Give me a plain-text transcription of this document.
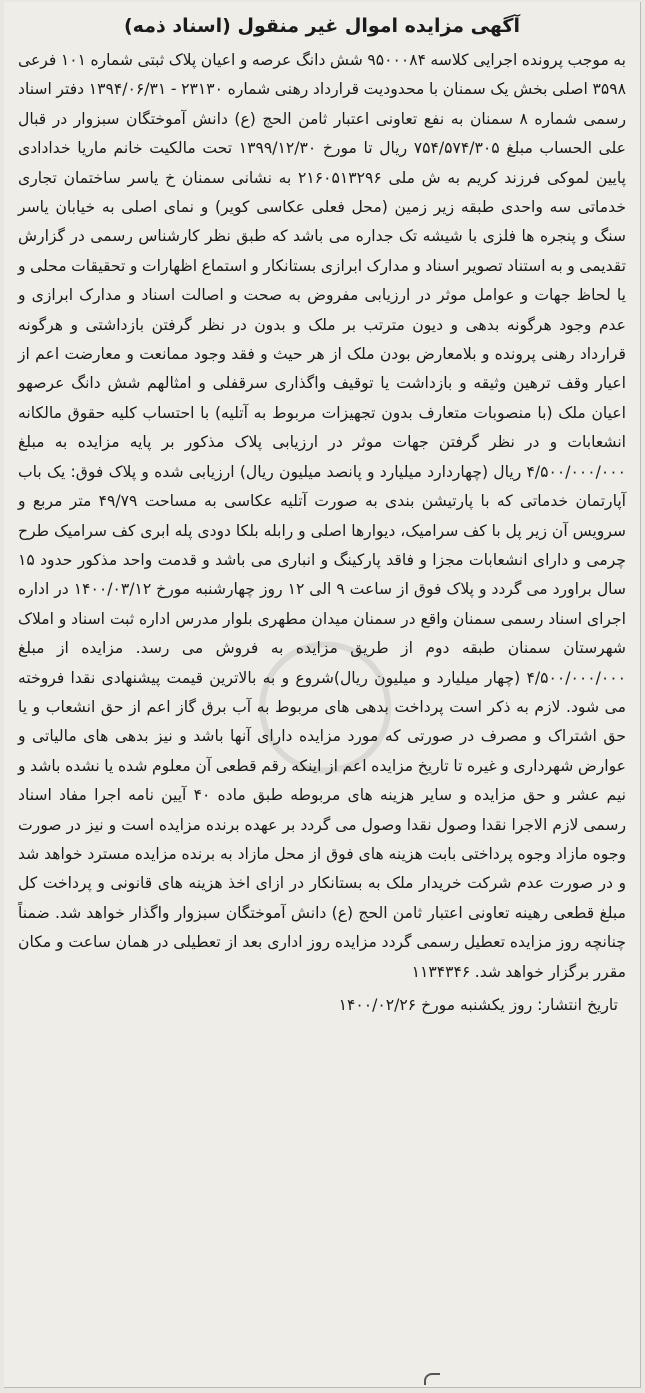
آگهی مزایده اموال غیر منقول (اسناد ذمه)

به موجب پرونده اجرایی کلاسه ۹۵۰۰۰۸۴ شش دانگ عرصه و اعیان پلاک ثبتی شماره ۱۰۱ فرعی ۳۵۹۸ اصلی بخش یک سمنان با محدودیت قرارداد رهنی شماره ۲۳۱۳۰ - ۱۳۹۴/۰۶/۳۱ دفتر اسناد رسمی شماره ۸ سمنان به نفع تعاونی اعتبار ثامن الحج (ع) دانش آموختگان سبزوار در قبال علی الحساب مبلغ ۷۵۴/۵۷۴/۳۰۵ ریال تا مورخ ۱۳۹۹/۱۲/۳۰ تحت مالکیت خانم ماریا خدادادی پایین لموکی فرزند کریم به ش ملی ۲۱۶۰۵۱۳۲۹۶ به نشانی سمنان خ یاسر ساختمان تجاری خدماتی سه واحدی طبقه زیر زمین (محل فعلی عکاسی کویر) و نمای اصلی به خیابان یاسر سنگ و پنجره ها فلزی با شیشه تک جداره می باشد که طبق نظر کارشناس رسمی در گزارش تقدیمی و به استناد تصویر اسناد و مدارک ابرازی بستانکار و استماع اظهارات و تحقیقات محلی و یا لحاظ جهات و عوامل موثر در ارزیابی مفروض به صحت و اصالت اسناد و مدارک ابرازی و عدم وجود هرگونه بدهی و دیون مترتب بر ملک و بدون در نظر گرفتن بازداشتی و هرگونه قرارداد رهنی پرونده و بلامعارض بودن ملک از هر حیث و فقد وجود ممانعت و معارضت اعم از اعیار وقف ترهین وثیقه و بازداشت یا توقیف واگذاری سرقفلی و امثالهم شش دانگ عرصهو اعیان ملک (با منصوبات متعارف بدون تجهیزات مربوط به آتلیه) با احتساب کلیه حقوق مالکانه انشعابات و در نظر گرفتن جهات موثر در ارزیابی پلاک مذکور بر پایه مزایده به مبلغ ۴/۵۰۰/۰۰۰/۰۰۰ ریال (چهاردارد میلیارد و پانصد میلیون ریال) ارزیابی شده و پلاک فوق: یک باب آپارتمان خدماتی که با پارتیشن بندی به صورت آتلیه عکاسی به مساحت ۴۹/۷۹ متر مربع و سرویس آن زیر پل با کف سرامیک، دیوارها اصلی و رابله بلکا دودی پله ابری کف سرامیک طرح چرمی و دارای انشعابات مجزا و فاقد پارکینگ و انباری می باشد و قدمت واحد مذکور حدود ۱۵ سال براورد می گردد و پلاک فوق از ساعت ۹ الی ۱۲ روز چهارشنبه مورخ ۱۴۰۰/۰۳/۱۲ در اداره اجرای اسناد رسمی سمنان واقع در سمنان میدان مطهری بلوار مدرس اداره ثبت اسناد و املاک شهرستان سمنان طبقه دوم از طریق مزایده به فروش می رسد. مزایده از مبلغ ۴/۵۰۰/۰۰۰/۰۰۰ (چهار میلیارد و میلیون ریال)شروع و به بالاترین قیمت پیشنهادی نقدا فروخته می شود. لازم به ذکر است پرداخت بدهی های مربوط به آب برق گاز اعم از حق انشعاب و یا حق اشتراک و مصرف در صورتی که مورد مزایده دارای آنها باشد و نیز بدهی های مالیاتی و عوارض شهرداری و غیره تا تاریخ مزایده اعم از اینکه رقم قطعی آن معلوم شده یا نشده باشد و نیم عشر و حق مزایده و سایر هزینه های مربوطه طبق ماده ۴۰ آیین نامه اجرا مفاد اسناد رسمی لازم الاجرا نقدا وصول نقدا وصول می گردد بر عهده برنده مزایده است و نیز در صورت وجوه مازاد وجوه پرداختی بابت هزینه های فوق از محل مازاد به برنده مزایده مسترد خواهد شد و در صورت عدم شرکت خریدار ملک به بستانکار در ازای اخذ هزینه های قانونی و پرداخت کل مبلغ قطعی رهینه تعاونی اعتبار ثامن الحج (ع) دانش آموختگان سبزوار واگذار خواهد شد. ضمناً چنانچه روز مزایده تعطیل رسمی گردد مزایده روز اداری بعد از تعطیلی در همان ساعت و مکان مقرر برگزار خواهد شد. ۱۱۳۴۳۴۶

تاریخ انتشار: روز یکشنبه مورخ ۱۴۰۰/۰۲/۲۶
